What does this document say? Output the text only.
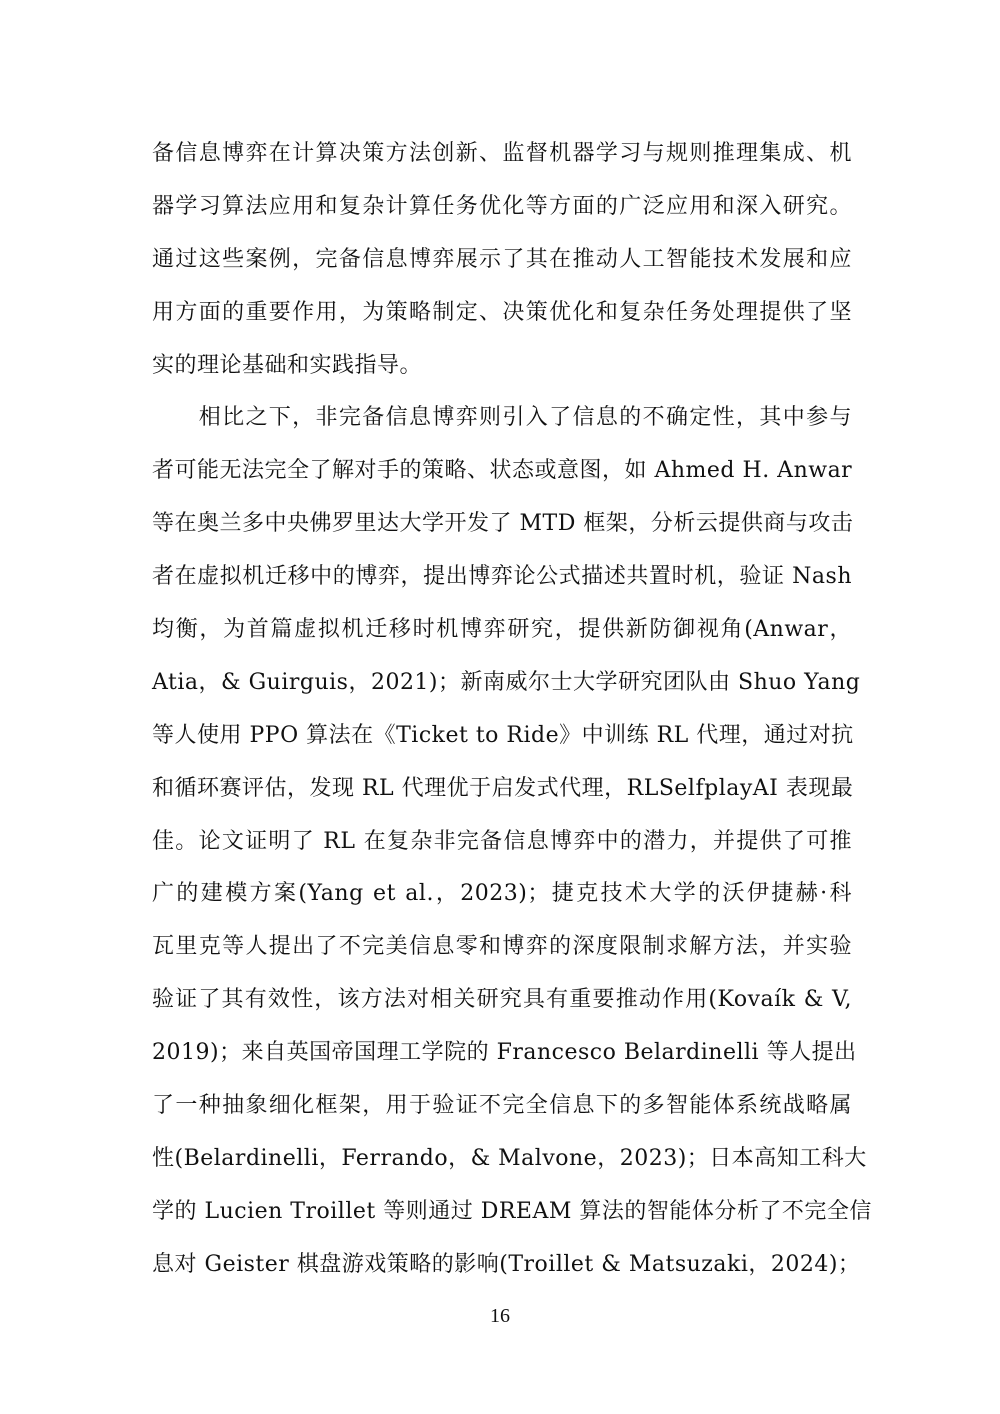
备信息博弈在计算决策方法创新、监督机器学习与规则推理集成、机
器学习算法应用和复杂计算任务优化等方面的广泛应用和深入研究。
通过这些案例，完备信息博弈展示了其在推动人工智能技术发展和应
用方面的重要作用，为策略制定、决策优化和复杂任务处理提供了坚
实的理论基础和实践指导。
　　相比之下，非完备信息博弈则引入了信息的不确定性，其中参与
者可能无法完全了解对手的策略、状态或意图，如 Ahmed H. Anwar
等在奥兰多中央佛罗里达大学开发了 MTD 框架，分析云提供商与攻击
者在虚拟机迁移中的博弈，提出博弈论公式描述共置时机，验证 Nash
均衡，为首篇虚拟机迁移时机博弈研究，提供新防御视角(Anwar，
Atia，& Guirguis，2021)；新南威尔士大学研究团队由 Shuo Yang
等人使用 PPO 算法在《Ticket to Ride》中训练 RL 代理，通过对抗
和循环赛评估，发现 RL 代理优于启发式代理，RLSelfplayAI 表现最
佳。论文证明了 RL 在复杂非完备信息博弈中的潜力，并提供了可推
广的建模方案(Yang et al.，2023)；捷克技术大学的沃伊捷赫·科
瓦里克等人提出了不完美信息零和博弈的深度限制求解方法，并实验
验证了其有效性，该方法对相关研究具有重要推动作用(Kovaík & V,
2019)；来自英国帝国理工学院的 Francesco Belardinelli 等人提出
了一种抽象细化框架，用于验证不完全信息下的多智能体系统战略属
性(Belardinelli，Ferrando，& Malvone，2023)；日本高知工科大
学的 Lucien Troillet 等则通过 DREAM 算法的智能体分析了不完全信
息对 Geister 棋盘游戏策略的影响(Troillet & Matsuzaki，2024)；
16
